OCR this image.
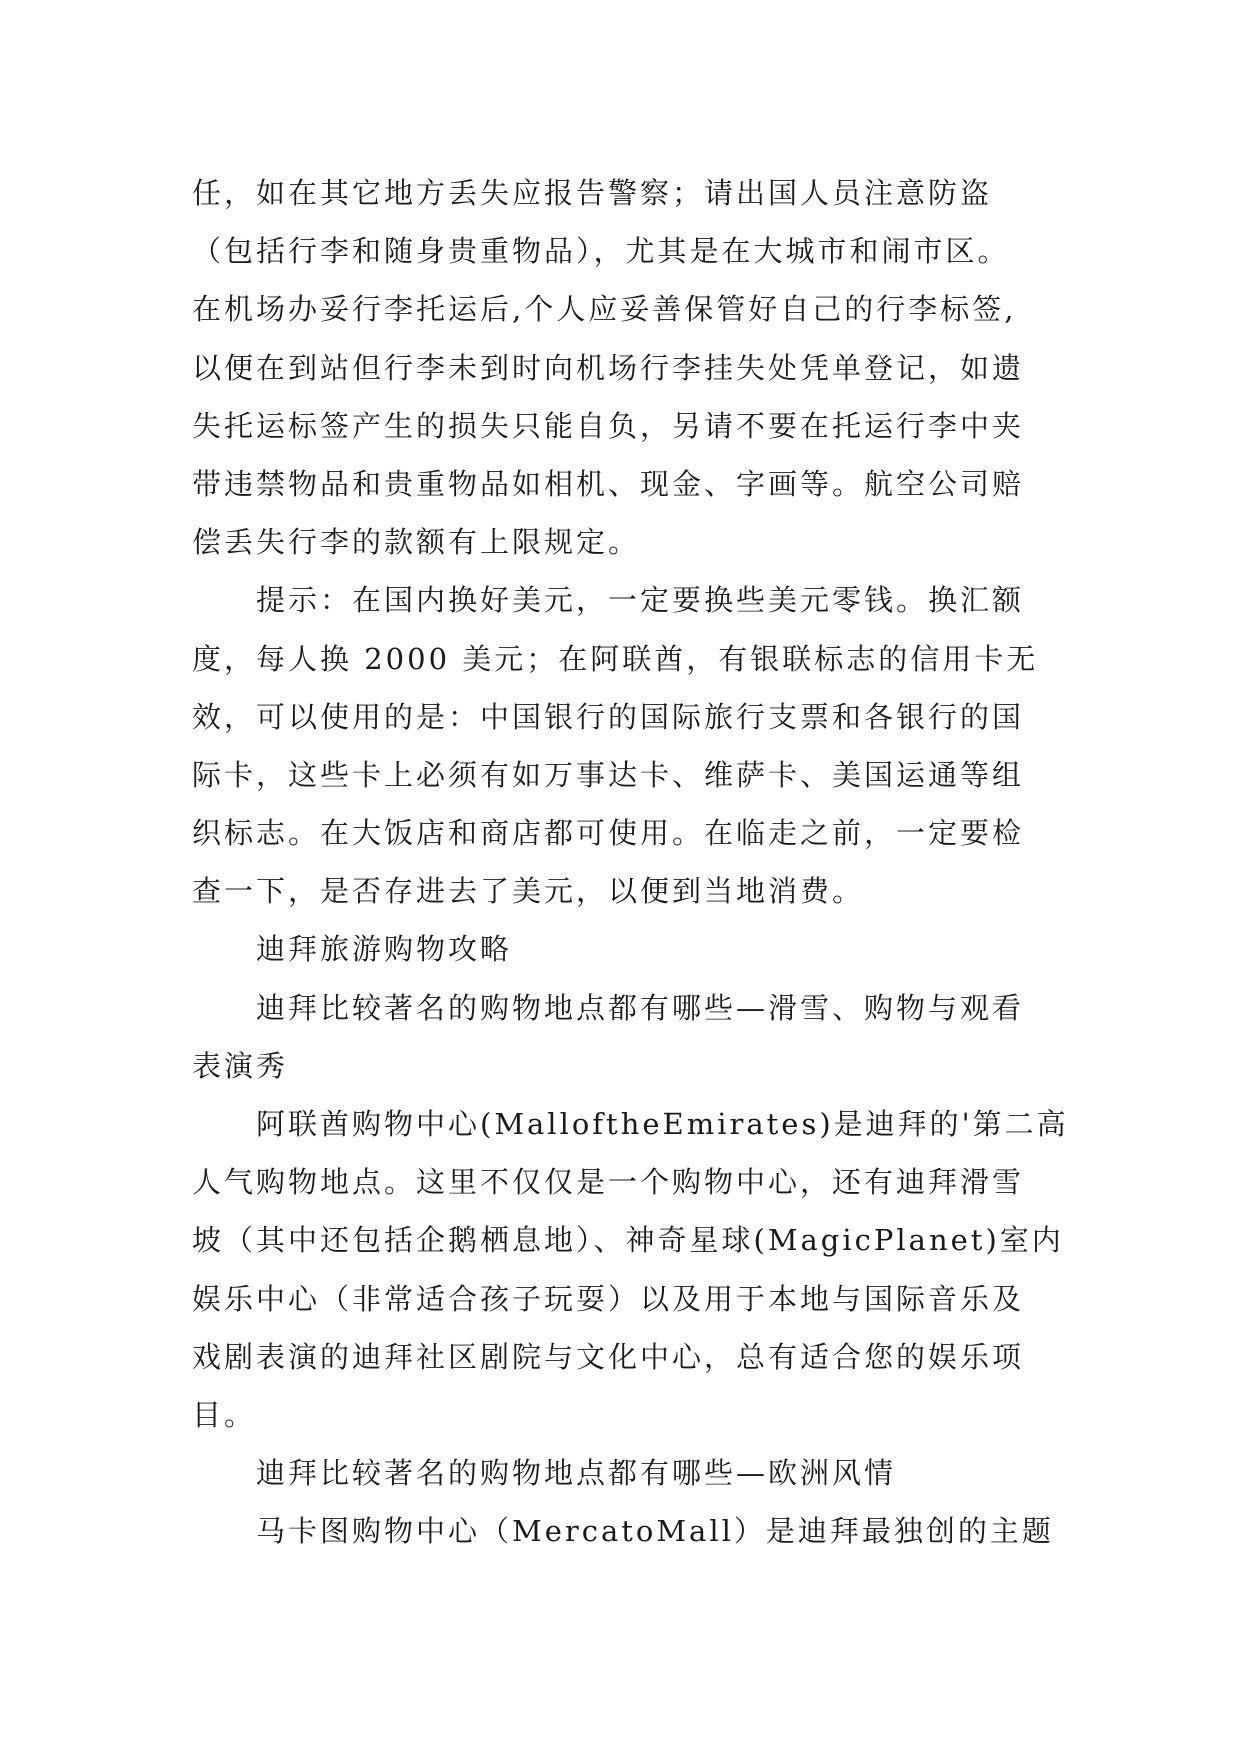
任，如在其它地方丢失应报告警察；请出国人员注意防盗
（包括行李和随身贵重物品），尤其是在大城市和闹市区。
在机场办妥行李托运后,个人应妥善保管好自己的行李标签,
以便在到站但行李未到时向机场行李挂失处凭单登记，如遗
失托运标签产生的损失只能自负，另请不要在托运行李中夹
带违禁物品和贵重物品如相机、现金、字画等。航空公司赔
偿丢失行李的款额有上限规定。
提示：在国内换好美元，一定要换些美元零钱。换汇额
度，每人换 2000 美元；在阿联酋，有银联标志的信用卡无
效，可以使用的是：中国银行的国际旅行支票和各银行的国
际卡，这些卡上必须有如万事达卡、维萨卡、美国运通等组
织标志。在大饭店和商店都可使用。在临走之前，一定要检
查一下，是否存进去了美元，以便到当地消费。
迪拜旅游购物攻略
迪拜比较著名的购物地点都有哪些—滑雪、购物与观看
表演秀
阿联酋购物中心(MalloftheEmirates)是迪拜的'第二高
人气购物地点。这里不仅仅是一个购物中心，还有迪拜滑雪
坡（其中还包括企鹅栖息地）、神奇星球(MagicPlanet)室内
娱乐中心（非常适合孩子玩耍）以及用于本地与国际音乐及
戏剧表演的迪拜社区剧院与文化中心，总有适合您的娱乐项
目。
迪拜比较著名的购物地点都有哪些—欧洲风情
马卡图购物中心（MercatoMall）是迪拜最独创的主题
